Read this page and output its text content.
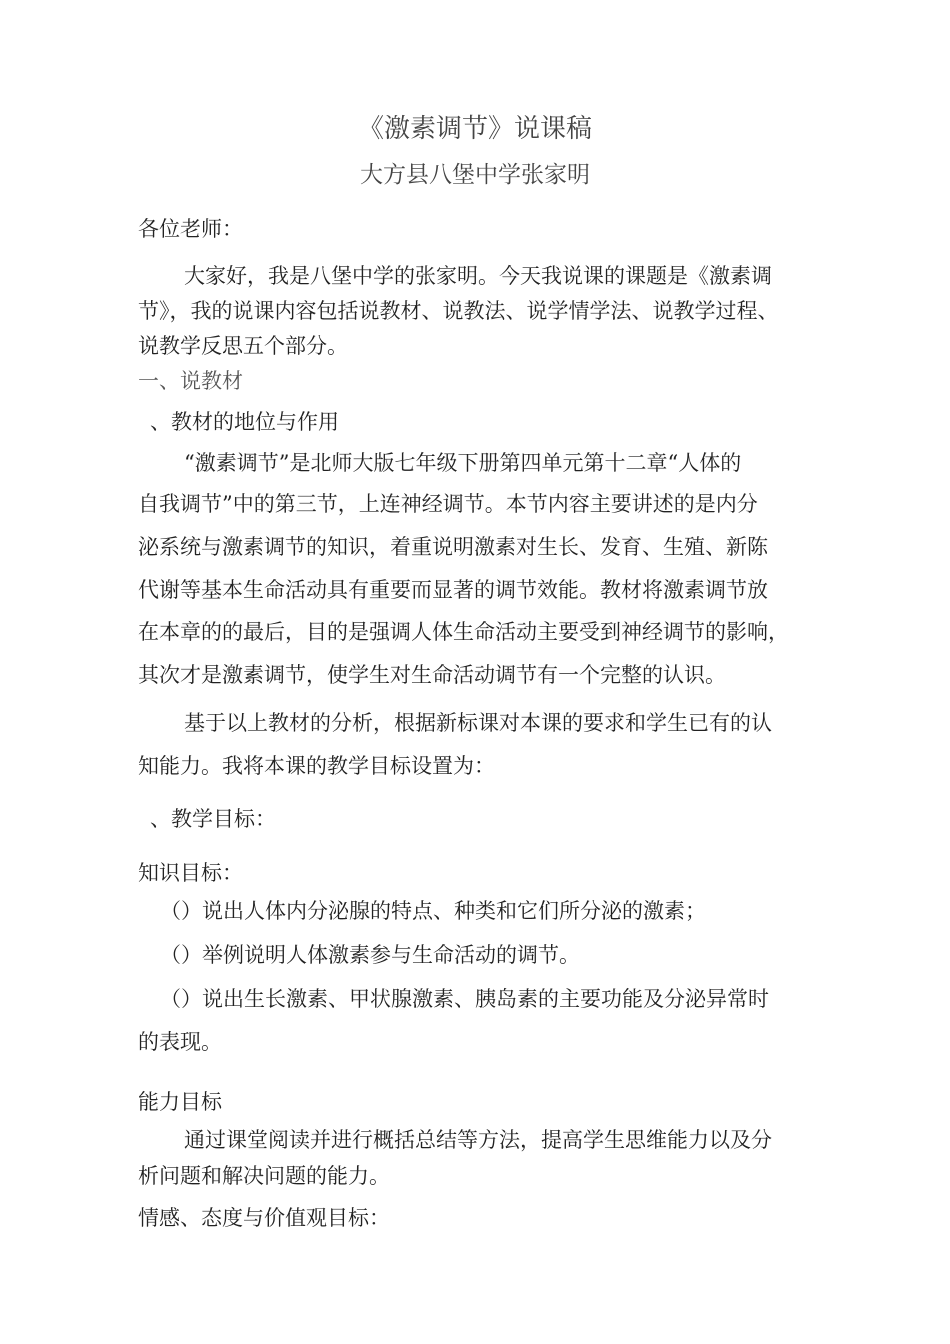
《激素调节》说课稿
大方县八堡中学张家明
各位老师：
大家好，我是八堡中学的张家明。今天我说课的课题是《激素调
节》，我的说课内容包括说教材、说教法、说学情学法、说教学过程、
说教学反思五个部分。
一、说教材
、教材的地位与作用
“激素调节”是北师大版七年级下册第四单元第十二章“人体的
自我调节”中的第三节，上连神经调节。本节内容主要讲述的是内分
泌系统与激素调节的知识，着重说明激素对生长、发育、生殖、新陈
代谢等基本生命活动具有重要而显著的调节效能。教材将激素调节放
在本章的的最后，目的是强调人体生命活动主要受到神经调节的影响，
其次才是激素调节，使学生对生命活动调节有一个完整的认识。
基于以上教材的分析，根据新标课对本课的要求和学生已有的认
知能力。我将本课的教学目标设置为：
、教学目标：
知识目标：
（）说出人体内分泌腺的特点、种类和它们所分泌的激素；
（）举例说明人体激素参与生命活动的调节。
（）说出生长激素、甲状腺激素、胰岛素的主要功能及分泌异常时
的表现。
能力目标
通过课堂阅读并进行概括总结等方法，提高学生思维能力以及分
析问题和解决问题的能力。
情感、态度与价值观目标：
